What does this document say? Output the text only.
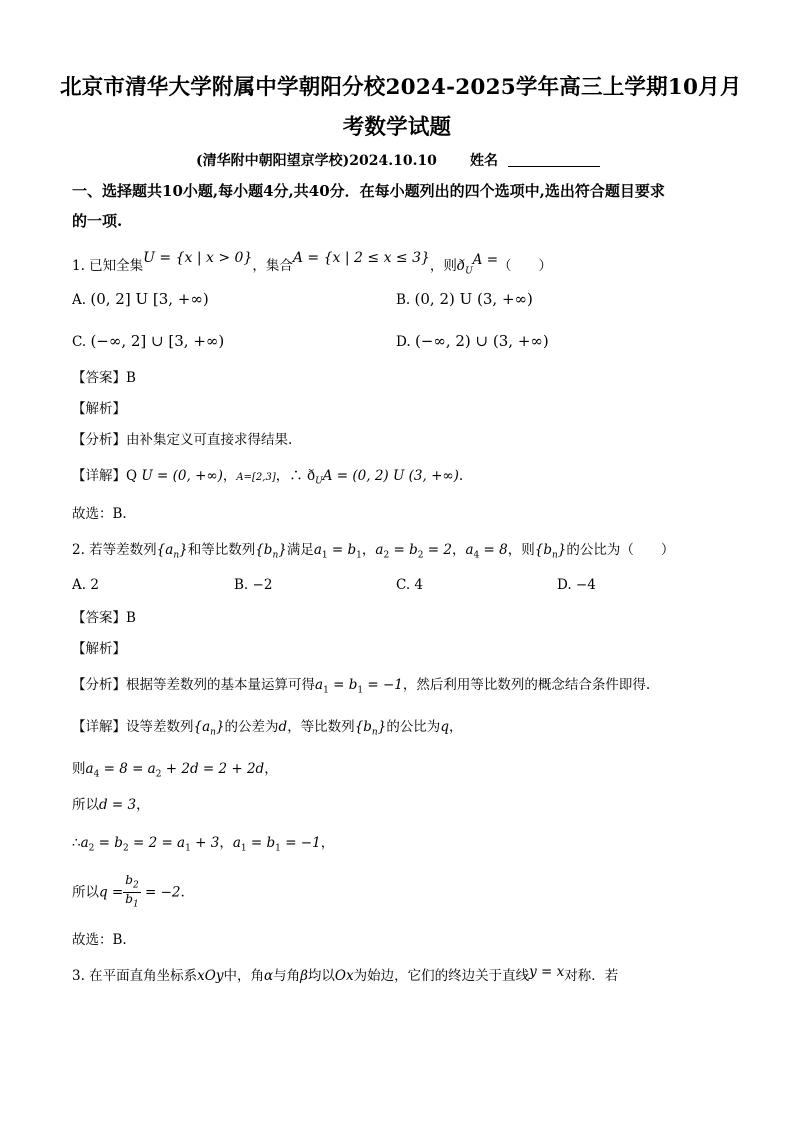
北京市清华大学附属中学朝阳分校2024-2025学年高三上学期10月月
考数学试题
(清华附中朝阳望京学校)2024.10.10 姓名
一、选择题共10小题,每小题4分,共40分．在每小题列出的四个选项中,选出符合题目要求
的一项.
1. 已知全集U = {x | x > 0}，集合A = {x | 2 ≤ x ≤ 3}，则$ð_UA$ =（　　）
A. (0, 2] U [3, +∞)	B. (0, 2) U (3, +∞)
C. (−∞, 2] ∪ [3, +∞)	D. (−∞, 2) ∪ (3, +∞)
【答案】B
【解析】
【分析】由补集定义可直接求得结果.
【详解】Q U = (0, +∞)，A=[2,3]，∴ $ð_UA = (0$, 2) U (3, +∞).
故选：B.
2. 若等差数列$\{a_n\}$和等比数列$\{b_n\}$满足$a_1 = b_1$，$a_2 = b_2 = 2$，$a_4 = 8$，则$\{b_n\}$的公比为（　　）
A. 2	B. −2	C. 4	D. −4
【答案】B
【解析】
【分析】根据等差数列的基本量运算可得$a_1 = b_1 = -1$，然后利用等比数列的概念结合条件即得.
【详解】设等差数列$\{a_n\}$的公差为d，等比数列$\{b_n\}$的公比为q，
则$a_4 = 8 = a_2 + 2d = 2 + 2d$，
所以d = 3，
$\therefore a_2 = b_2 = 2 = a_1 + 3$，$a_1 = b_1 = -1$，
所以$q = \frac{b_2}{b_1} = -2$.
故选：B.
3. 在平面直角坐标系xOy中，角α与角β均以Ox为始边，它们的终边关于直线y = x对称．若
